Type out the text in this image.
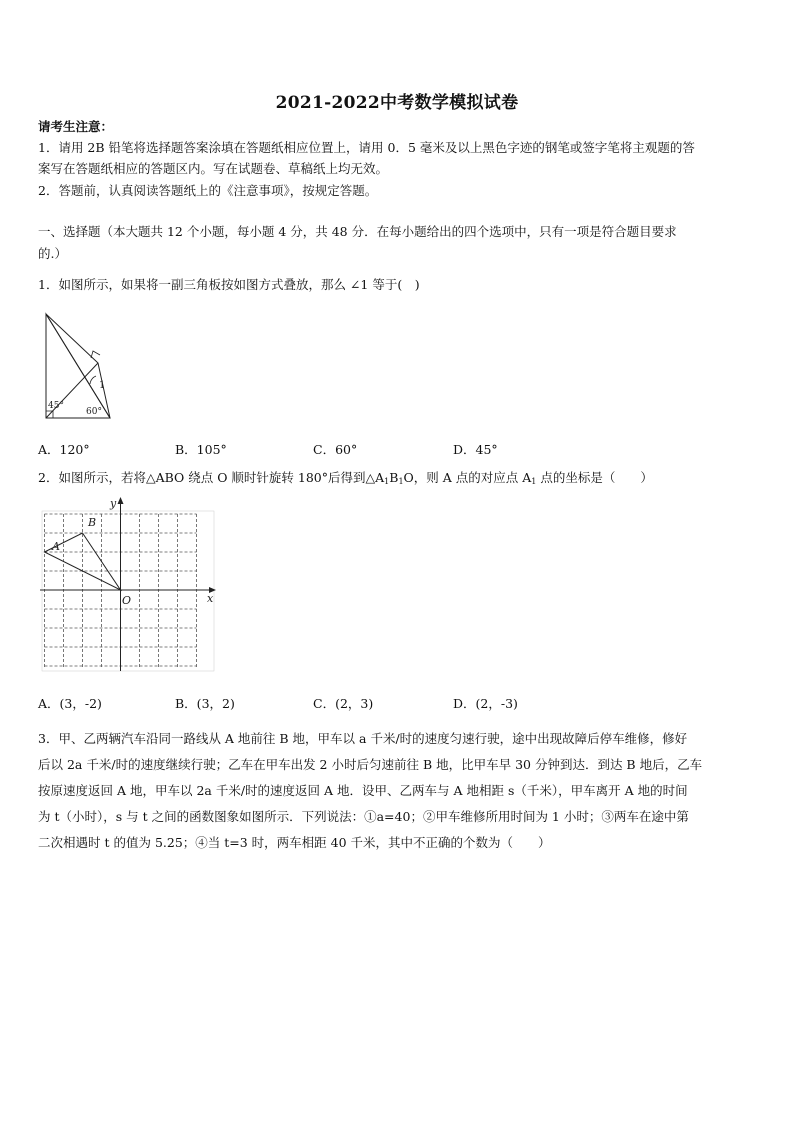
2021-2022中考数学模拟试卷
请考生注意：
1．请用 2B 铅笔将选择题答案涂填在答题纸相应位置上，请用 0．5 毫米及以上黑色字迹的钢笔或签字笔将主观题的答
案写在答题纸相应的答题区内。写在试题卷、草稿纸上均无效。
2．答题前，认真阅读答题纸上的《注意事项》，按规定答题。
一、选择题（本大题共 12 个小题，每小题 4 分，共 48 分．在每小题给出的四个选项中，只有一项是符合题目要求
的.）
1．如图所示，如果将一副三角板按如图方式叠放，那么 ∠1 等于(　)
1
45°
60°
A．120°	B．105°	C．60°	D．45°
2．如图所示，若将△ABO 绕点 O 顺时针旋转 180°后得到$\triangle A_1B_1O$，则 A 点的对应点 $A_1$ 点的坐标是（　　）
y
x
O
A
B
A．(3，-2)	B．(3，2)	C．(2，3)	D．(2，-3)
3．甲、乙两辆汽车沿同一路线从 A 地前往 B 地，甲车以 a 千米/时的速度匀速行驶，途中出现故障后停车维修，修好
后以 2a 千米/时的速度继续行驶；乙车在甲车出发 2 小时后匀速前往 B 地，比甲车早 30 分钟到达．到达 B 地后，乙车
按原速度返回 A 地，甲车以 2a 千米/时的速度返回 A 地．设甲、乙两车与 A 地相距 s（千米），甲车离开 A 地的时间
为 t（小时），s 与 t 之间的函数图象如图所示．下列说法：①a=40；②甲车维修所用时间为 1 小时；③两车在途中第
二次相遇时 t 的值为 5.25；④当 t=3 时，两车相距 40 千米，其中不正确的个数为（　　）
